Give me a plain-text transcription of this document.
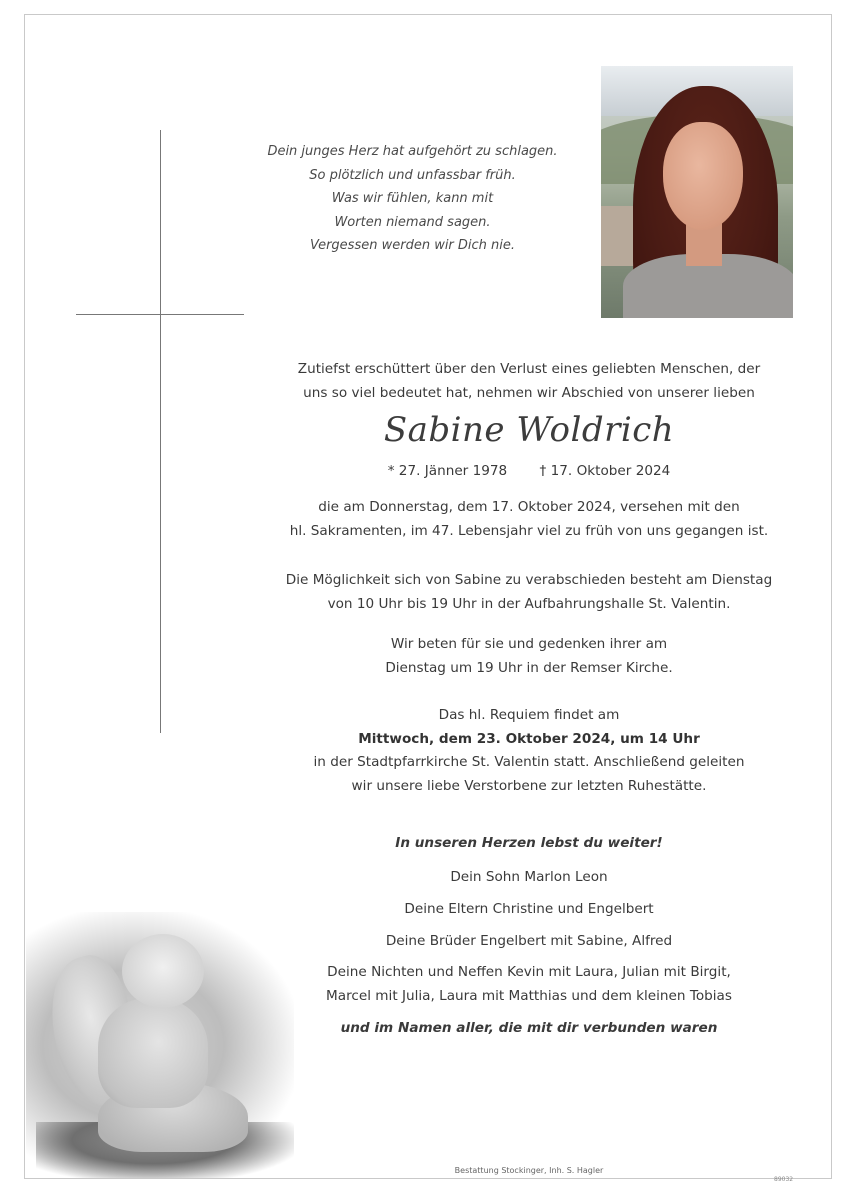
Dein junges Herz hat aufgehört zu schlagen.
So plötzlich und unfassbar früh.
Was wir fühlen, kann mit
Worten niemand sagen.
Vergessen werden wir Dich nie.
Zutiefst erschüttert über den Verlust eines geliebten Menschen, der
uns so viel bedeutet hat, nehmen wir Abschied von unserer lieben
Sabine Woldrich
* 27. Jänner 1978 † 17. Oktober 2024
die am Donnerstag, dem 17. Oktober 2024, versehen mit den
hl. Sakramenten, im 47. Lebensjahr viel zu früh von uns gegangen ist.
Die Möglichkeit sich von Sabine zu verabschieden besteht am Dienstag
von 10 Uhr bis 19 Uhr in der Aufbahrungshalle St. Valentin.
Wir beten für sie und gedenken ihrer am
Dienstag um 19 Uhr in der Remser Kirche.
Das hl. Requiem findet am
Mittwoch, dem 23. Oktober 2024, um 14 Uhr
in der Stadtpfarrkirche St. Valentin statt. Anschließend geleiten
wir unsere liebe Verstorbene zur letzten Ruhestätte.
In unseren Herzen lebst du weiter!
Dein Sohn Marlon Leon
Deine Eltern Christine und Engelbert
Deine Brüder Engelbert mit Sabine, Alfred
Deine Nichten und Neffen Kevin mit Laura, Julian mit Birgit,
Marcel mit Julia, Laura mit Matthias und dem kleinen Tobias
und im Namen aller, die mit dir verbunden waren
Bestattung Stockinger, Inh. S. Hagler
89032
